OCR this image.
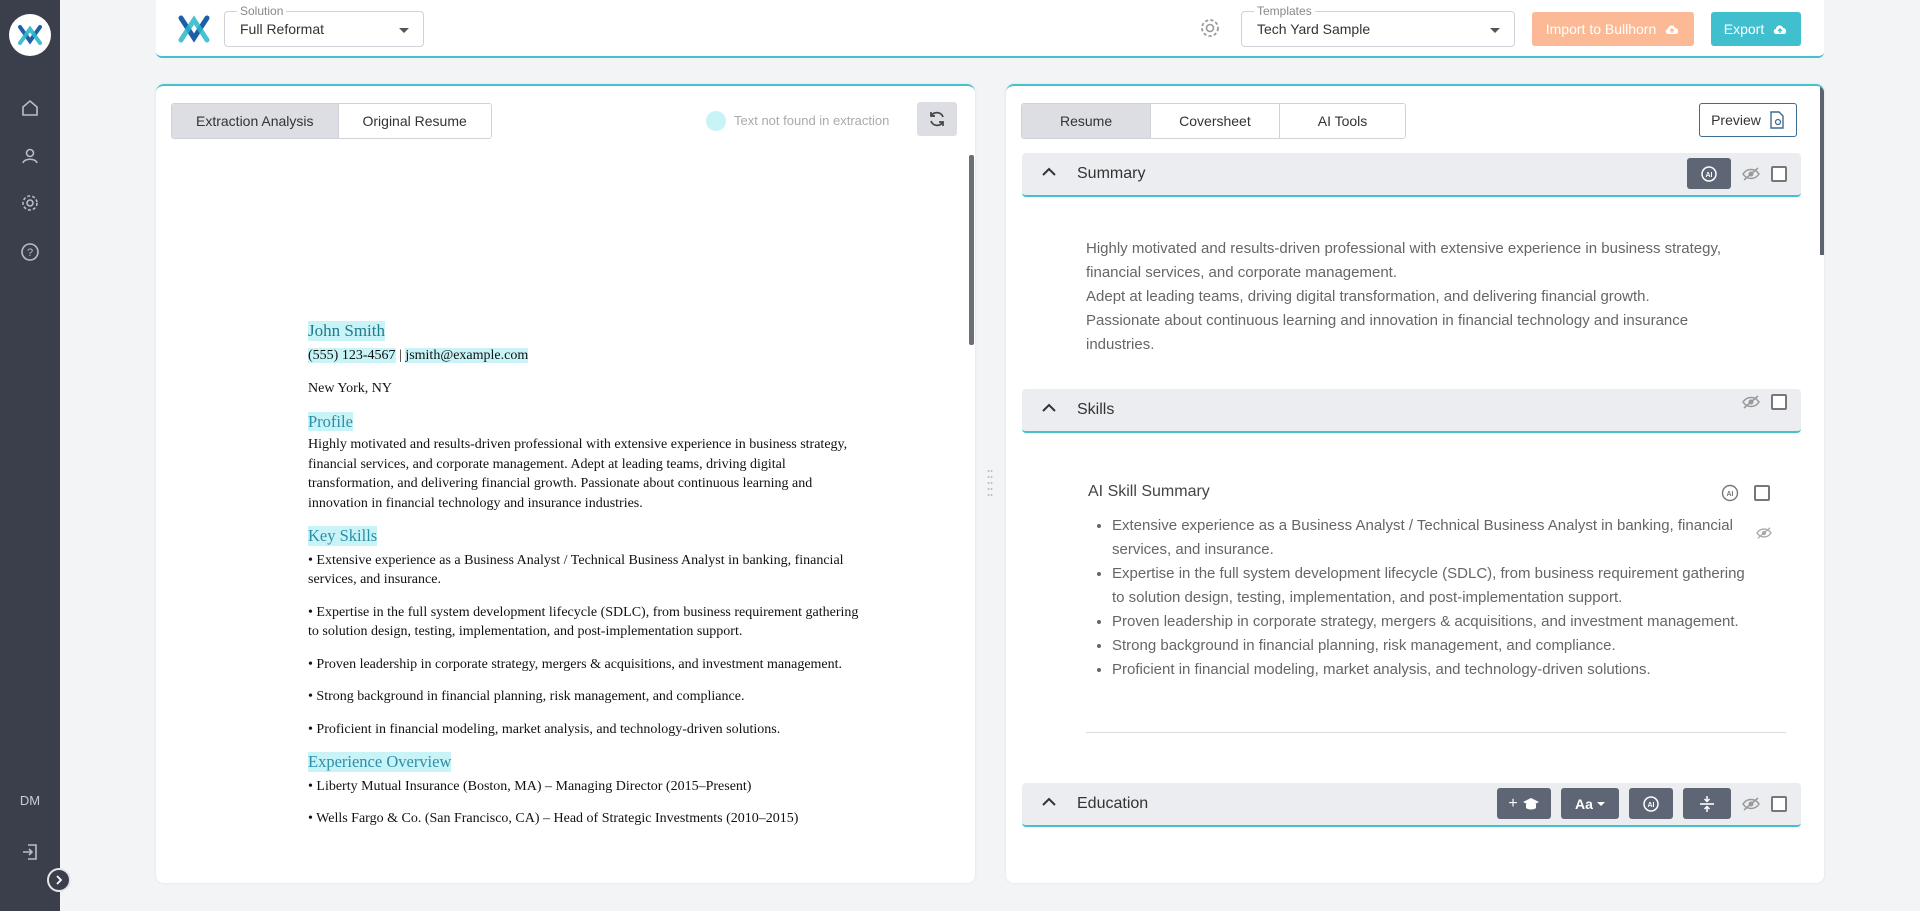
?
DM
Solution
Full Reformat
Templates
Tech Yard Sample	Import to Bullhorn	Export
Extraction Analysis	Original Resume	Text not found in extraction
John Smith
(555) 123-4567 | jsmith@example.com
New York, NY
Profile

Highly motivated and results-driven professional with extensive experience in business strategy, financial services, and corporate management. Adept at leading teams, driving digital transformation, and delivering financial growth. Passionate about continuous learning and innovation in financial technology and insurance industries.

Key Skills

• Extensive experience as a Business Analyst / Technical Business Analyst in banking, financial services, and insurance.

• Expertise in the full system development lifecycle (SDLC), from business requirement gathering to solution design, testing, implementation, and post-implementation support.

• Proven leadership in corporate strategy, mergers & acquisitions, and investment management.

• Strong background in financial planning, risk management, and compliance.

• Proficient in financial modeling, market analysis, and technology-driven solutions.

Experience Overview

• Liberty Mutual Insurance (Boston, MA) – Managing Director (2015–Present)

• Wells Fargo & Co. (San Francisco, CA) – Head of Strategic Investments (2010–2015)

Resume	Coversheet	AI Tools	Preview
Summary	AI
Highly motivated and results-driven professional with extensive experience in business strategy, financial services, and corporate management.
Adept at leading teams, driving digital transformation, and delivering financial growth.
Passionate about continuous learning and innovation in financial technology and insurance industries.
Skills
AI Skill Summary	AI
• Extensive experience as a Business Analyst / Technical Business Analyst in banking, financial services, and insurance.
• Expertise in the full system development lifecycle (SDLC), from business requirement gathering to solution design, testing, implementation, and post-implementation support.
• Proven leadership in corporate strategy, mergers & acquisitions, and investment management.
• Strong background in financial planning, risk management, and compliance.
• Proficient in financial modeling, market analysis, and technology-driven solutions.
Education	+	Aa	AI
